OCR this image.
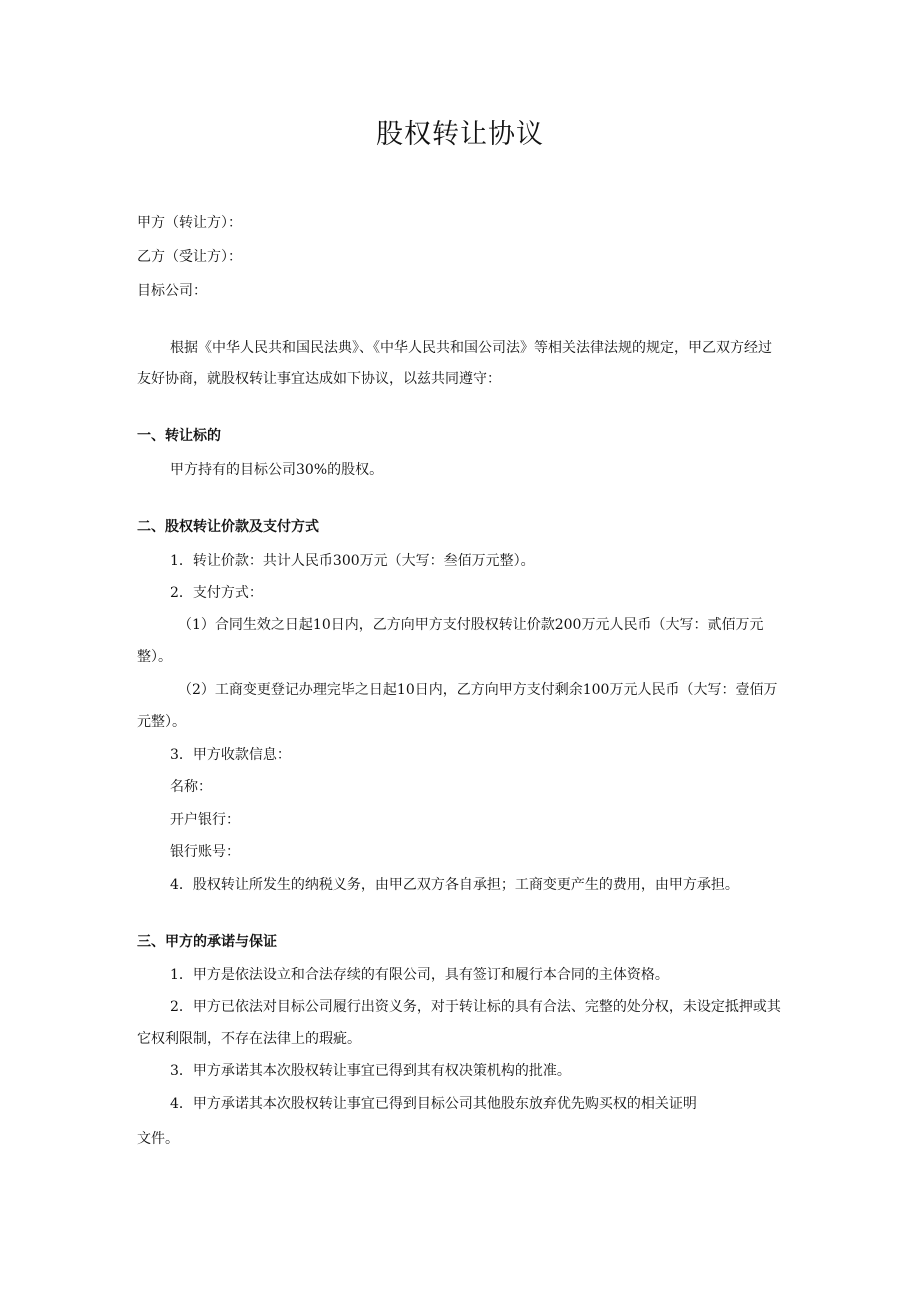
股权转让协议
甲方（转让方）：
乙方（受让方）：
目标公司：
根据《中华人民共和国民法典》、《中华人民共和国公司法》等相关法律法规的规定，甲乙双方经过
友好协商，就股权转让事宜达成如下协议，以兹共同遵守：
一、转让标的
甲方持有的目标公司30%的股权。
二、股权转让价款及支付方式
1．转让价款：共计人民币300万元（大写：叁佰万元整）。
2．支付方式：
（1）合同生效之日起10日内，乙方向甲方支付股权转让价款200万元人民币（大写：贰佰万元
整）。
（2）工商变更登记办理完毕之日起10日内，乙方向甲方支付剩余100万元人民币（大写：壹佰万
元整）。
3．甲方收款信息：
名称：
开户银行：
银行账号：
4．股权转让所发生的纳税义务，由甲乙双方各自承担；工商变更产生的费用，由甲方承担。
三、甲方的承诺与保证
1．甲方是依法设立和合法存续的有限公司，具有签订和履行本合同的主体资格。
2．甲方已依法对目标公司履行出资义务，对于转让标的具有合法、完整的处分权，未设定抵押或其
它权利限制，不存在法律上的瑕疵。
3．甲方承诺其本次股权转让事宜已得到其有权决策机构的批准。
4．甲方承诺其本次股权转让事宜已得到目标公司其他股东放弃优先购买权的相关证明
文件。
